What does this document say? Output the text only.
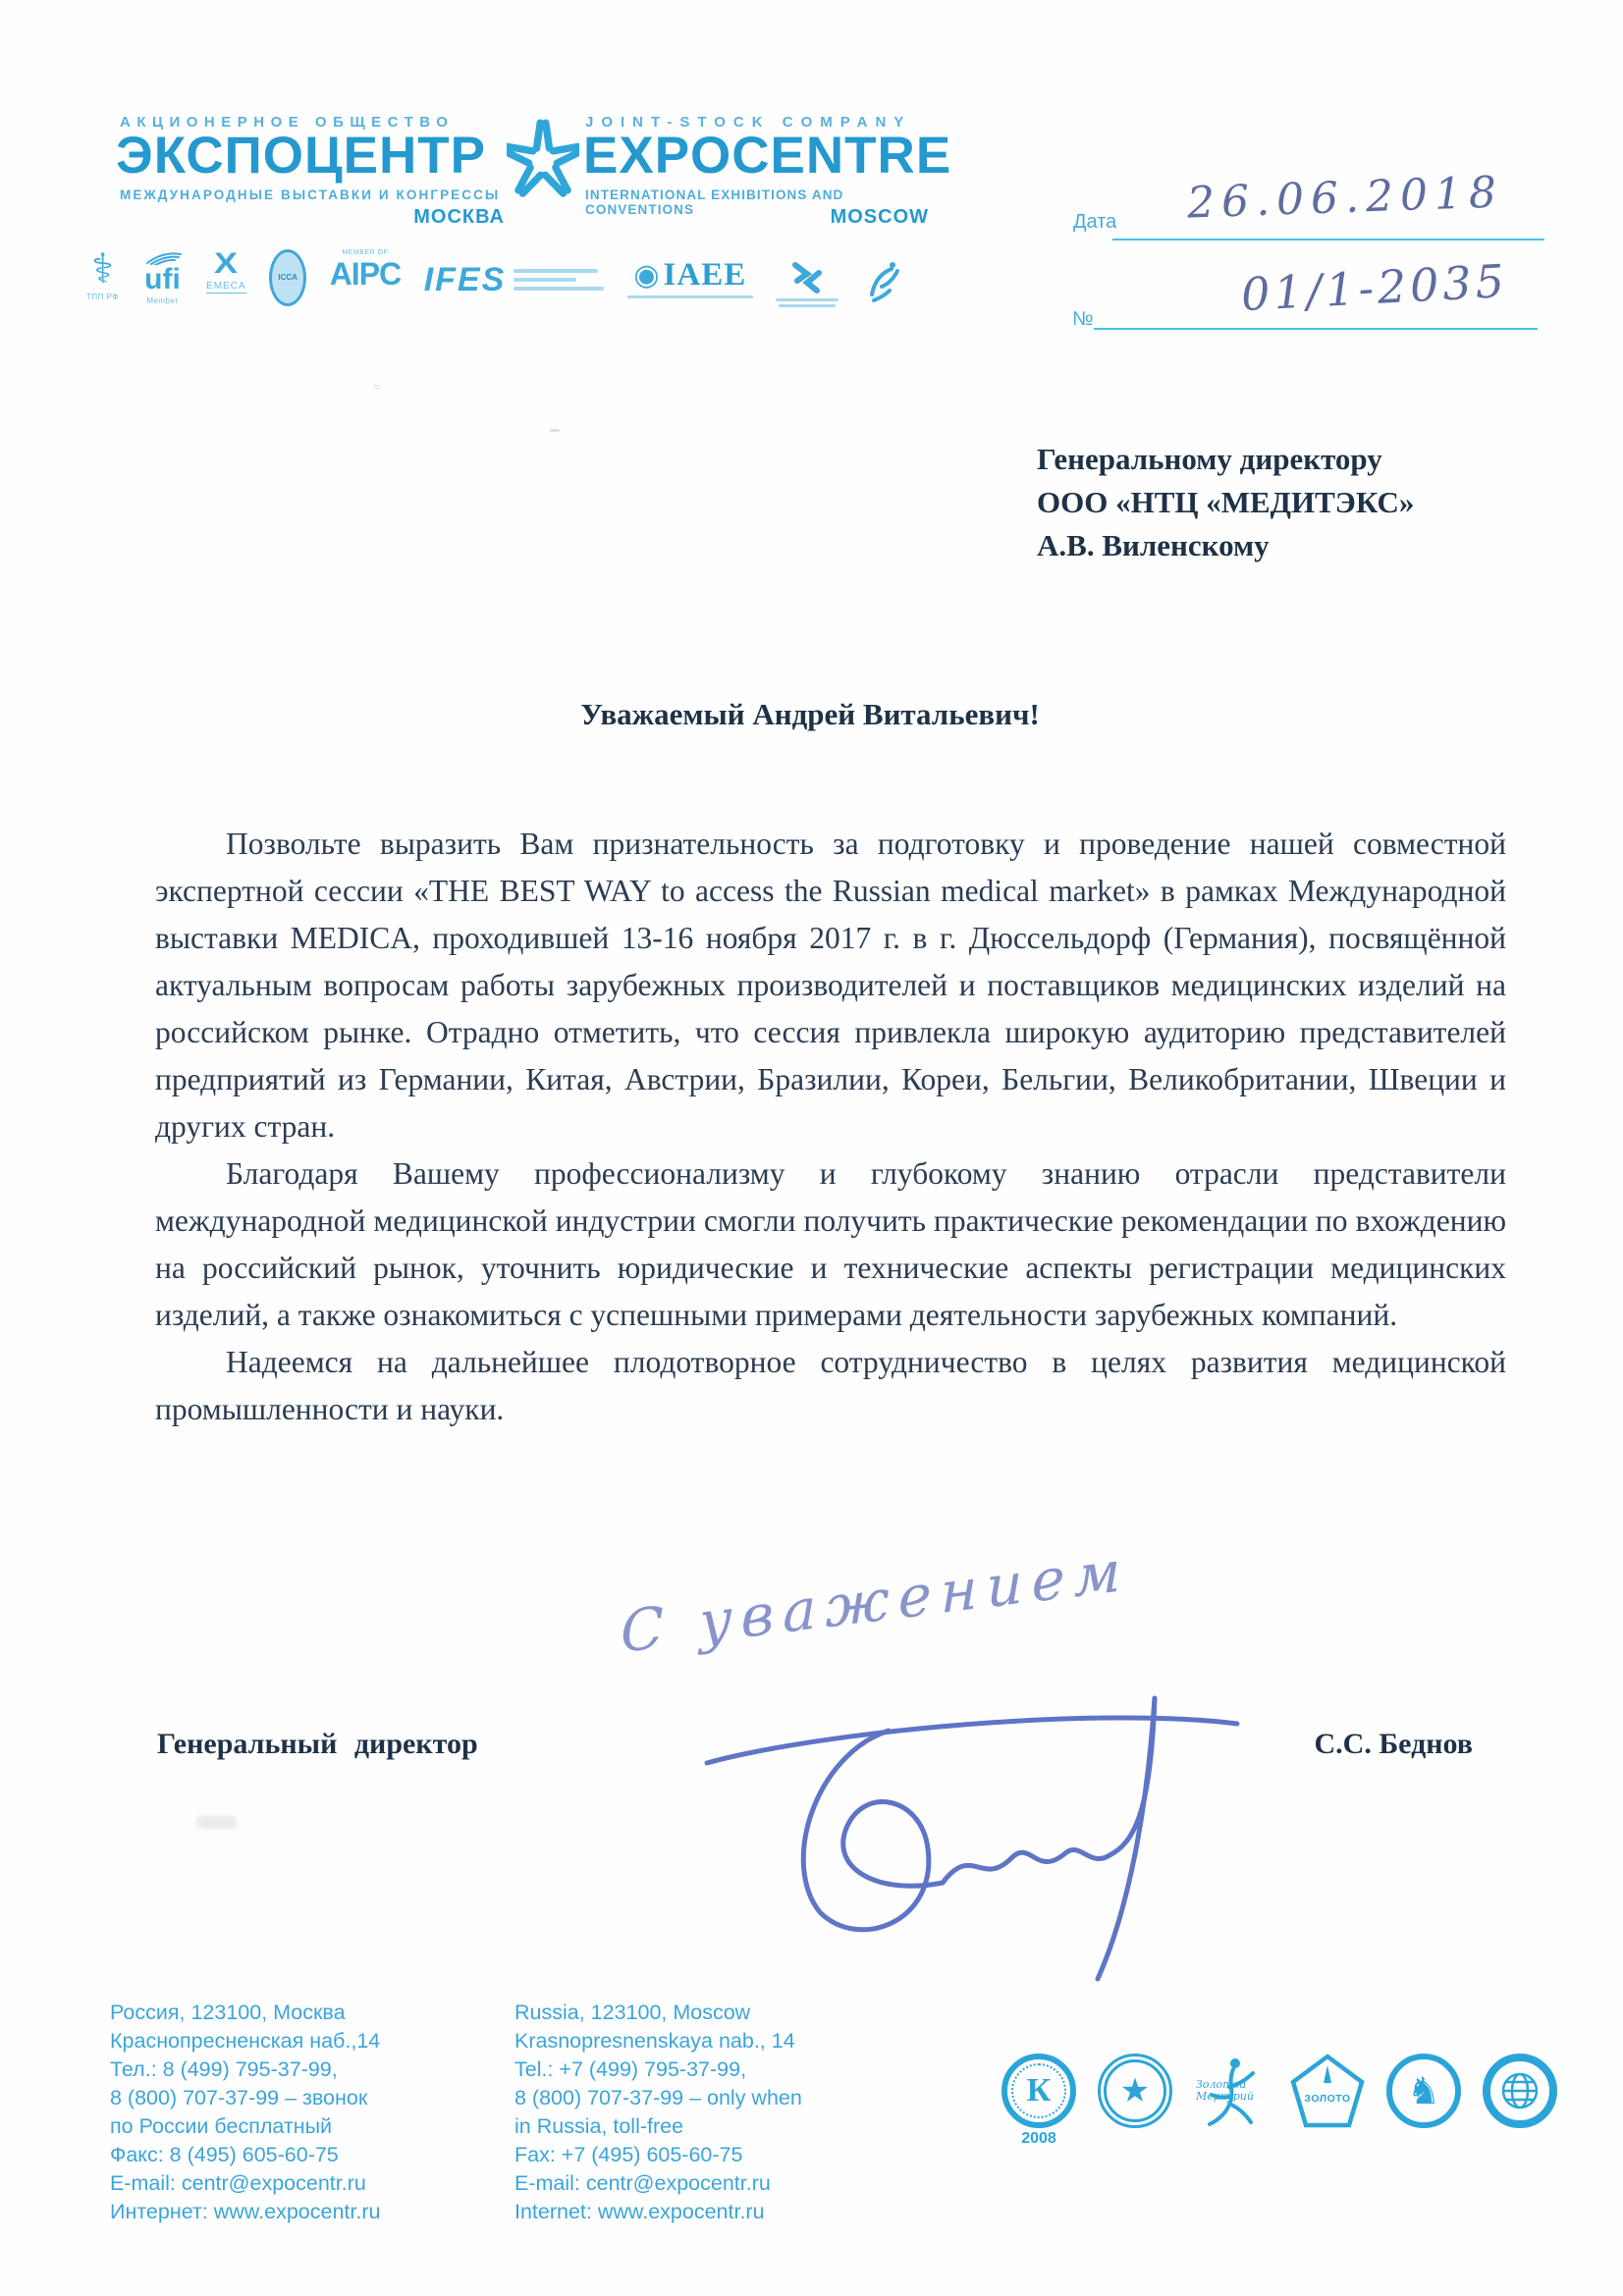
АКЦИОНЕРНОЕ ОБЩЕСТВО
ЭКСПОЦЕНТР
МЕЖДУНАРОДНЫЕ ВЫСТАВКИ И КОНГРЕССЫ
МОСКВА
JOINT-STOCK COMPANY
EXPOCENTRE
INTERNATIONAL EXHIBITIONS AND CONVENTIONS	MOSCOW
⚕
ТПП РФ
ufi
Member
Х
EMECA
ICCA
MEMBER OF
AIPC IFES	◉ IAEE
Дата	26.06.2018
№	01/1-2035
Генеральному директору
ООО «НТЦ «МЕДИТЭКС»
А.В. Виленскому
≈
Уважаемый Андрей Витальевич!

Позвольте выразить Вам признательность за подготовку и проведение нашей совместной экспертной сессии «THE BEST WAY to access the Russian medical market» в рамках Международной выставки MEDICA, проходившей 13-16 ноября 2017 г. в г. Дюссельдорф (Германия), посвящённой актуальным вопросам работы зарубежных производителей и поставщиков медицинских изделий на российском рынке. Отрадно отметить, что сессия привлекла широкую аудиторию представителей предприятий из Германии, Китая, Австрии, Бразилии, Кореи, Бельгии, Великобритании, Швеции и других стран.

Благодаря Вашему профессионализму и глубокому знанию отрасли представители международной медицинской индустрии смогли получить практические рекомендации по вхождению на российский рынок, уточнить юридические и технические аспекты регистрации медицинских изделий, а также ознакомиться с успешными примерами деятельности зарубежных компаний.

Надеемся на дальнейшее плодотворное сотрудничество в целях развития медицинской промышленности и науки.

С уважением
Генеральный директор	С.С. Беднов
Россия, 123100, Москва
Краснопресненская наб.,14
Тел.: 8 (499) 795-37-99,
8 (800) 707-37-99 – звонок
по России бесплатный
Факс: 8 (495) 605-60-75
E-mail: centr@expocentr.ru
Интернет: www.expocentr.ru
Russia, 123100, Moscow
Krasnopresnenskaya nab., 14
Tel.: +7 (499) 795-37-99,
8 (800) 707-37-99 – only when
in Russia, toll-free
Fax: +7 (495) 605-60-75
E-mail: centr@expocentr.ru
Internet: www.expocentr.ru
К
2008
★	Золотой Меркурий	ЗОЛОТО	♞
